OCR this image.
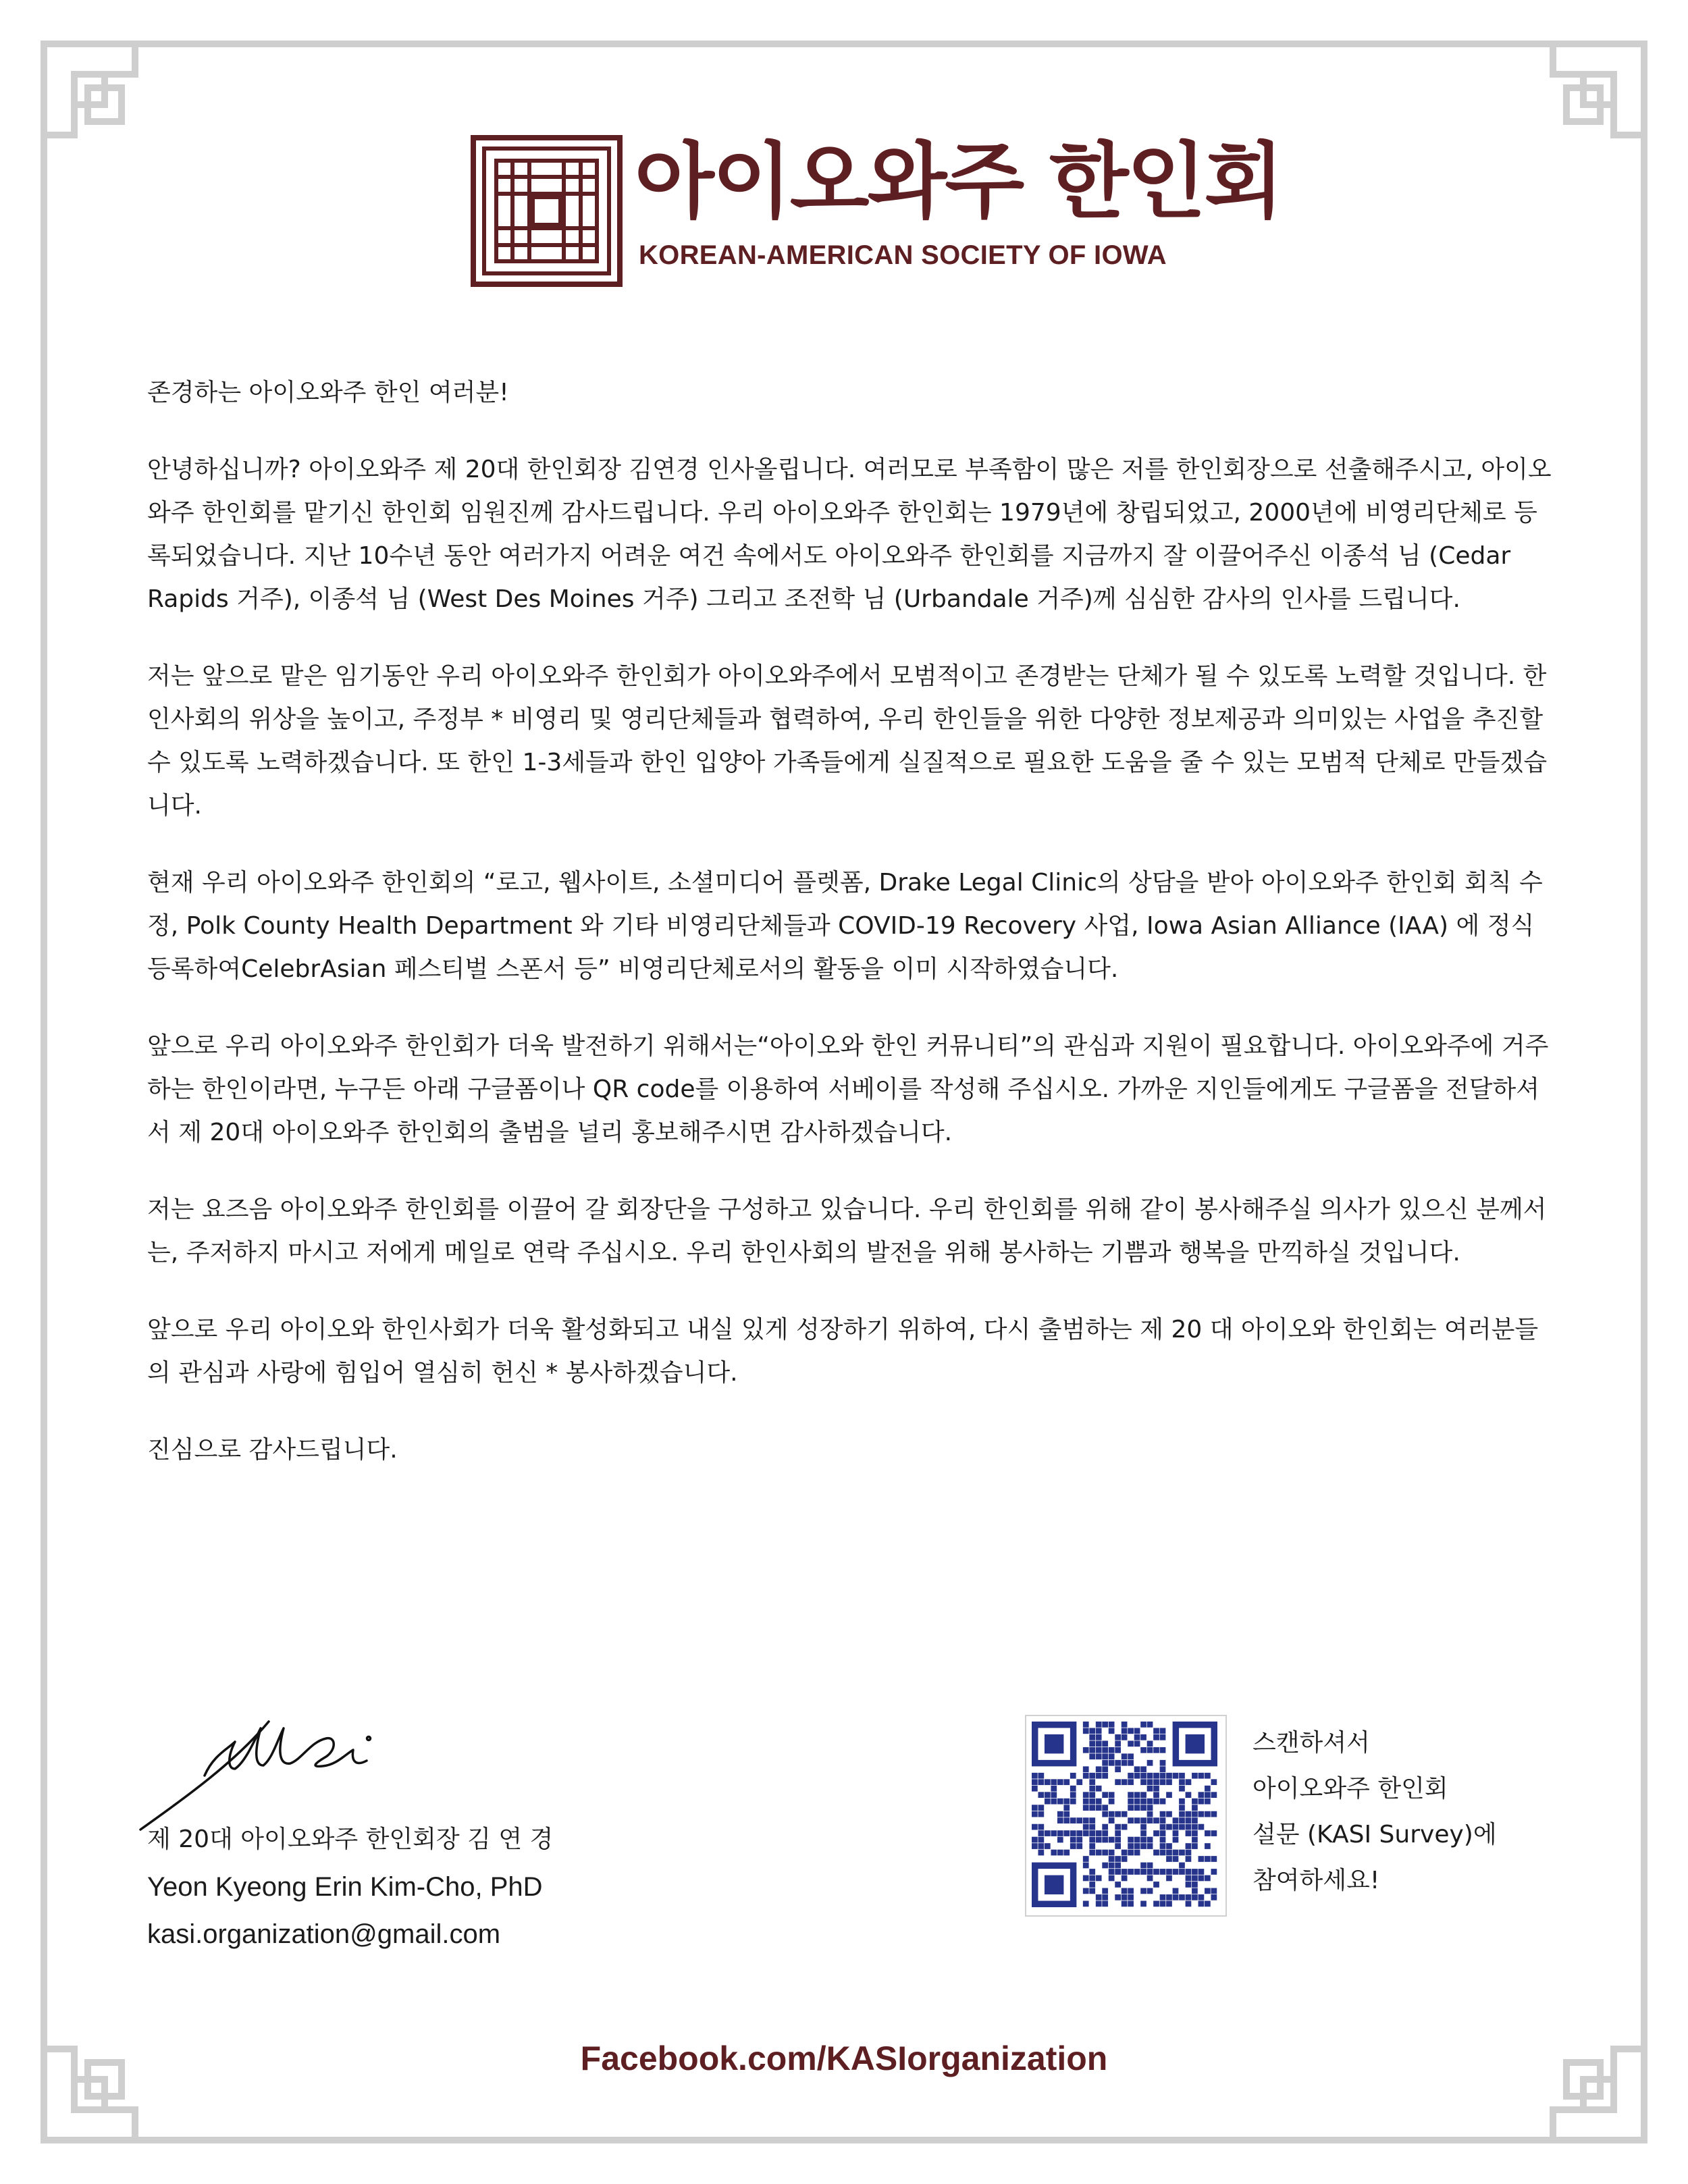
아이오와주 한인회
KOREAN-AMERICAN SOCIETY OF IOWA

존경하는 아이오와주 한인 여러분!

안녕하십니까? 아이오와주 제 20대 한인회장 김연경 인사올립니다. 여러모로 부족함이 많은 저를 한인회장으로 선출해주시고, 아이오와주 한인회를 맡기신 한인회 임원진께 감사드립니다. 우리 아이오와주 한인회는 1979년에 창립되었고, 2000년에 비영리단체로 등록되었습니다. 지난 10수년 동안 여러가지 어려운 여건 속에서도 아이오와주 한인회를 지금까지 잘 이끌어주신 이종석 님 (Cedar Rapids 거주), 이종석 님 (West Des Moines 거주) 그리고 조전학 님 (Urbandale 거주)께 심심한 감사의 인사를 드립니다.

저는 앞으로 맡은 임기동안 우리 아이오와주 한인회가 아이오와주에서 모범적이고 존경받는 단체가 될 수 있도록 노력할 것입니다. 한인사회의 위상을 높이고, 주정부 * 비영리 및 영리단체들과 협력하여, 우리 한인들을 위한 다양한 정보제공과 의미있는 사업을 추진할 수 있도록 노력하겠습니다. 또 한인 1-3세들과 한인 입양아 가족들에게 실질적으로 필요한 도움을 줄 수 있는 모범적 단체로 만들겠습니다.

현재 우리 아이오와주 한인회의 “로고, 웹사이트, 소셜미디어 플렛폼, Drake Legal Clinic의 상담을 받아 아이오와주 한인회 회칙 수정, Polk County Health Department 와 기타 비영리단체들과 COVID-19 Recovery 사업, Iowa Asian Alliance (IAA) 에 정식 등록하여CelebrAsian 페스티벌 스폰서 등” 비영리단체로서의 활동을 이미 시작하였습니다.

앞으로 우리 아이오와주 한인회가 더욱 발전하기 위해서는“아이오와 한인 커뮤니티”의 관심과 지원이 필요합니다. 아이오와주에 거주하는 한인이라면, 누구든 아래 구글폼이나 QR code를 이용하여 서베이를 작성해 주십시오. 가까운 지인들에게도 구글폼을 전달하셔서 제 20대 아이오와주 한인회의 출범을 널리 홍보해주시면 감사하겠습니다.

저는 요즈음 아이오와주 한인회를 이끌어 갈 회장단을 구성하고 있습니다. 우리 한인회를 위해 같이 봉사해주실 의사가 있으신 분께서는, 주저하지 마시고 저에게 메일로 연락 주십시오. 우리 한인사회의 발전을 위해 봉사하는 기쁨과 행복을 만끽하실 것입니다.

앞으로 우리 아이오와 한인사회가 더욱 활성화되고 내실 있게 성장하기 위하여, 다시 출범하는 제 20 대 아이오와 한인회는 여러분들의 관심과 사랑에 힘입어 열심히 헌신 * 봉사하겠습니다.

진심으로 감사드립니다.

제 20대 아이오와주 한인회장 김 연 경
Yeon Kyeong Erin Kim-Cho, PhD
kasi.organization@gmail.com
스캔하셔서
아이오와주 한인회
설문 (KASI Survey)에
참여하세요!
Facebook.com/KASIorganization
